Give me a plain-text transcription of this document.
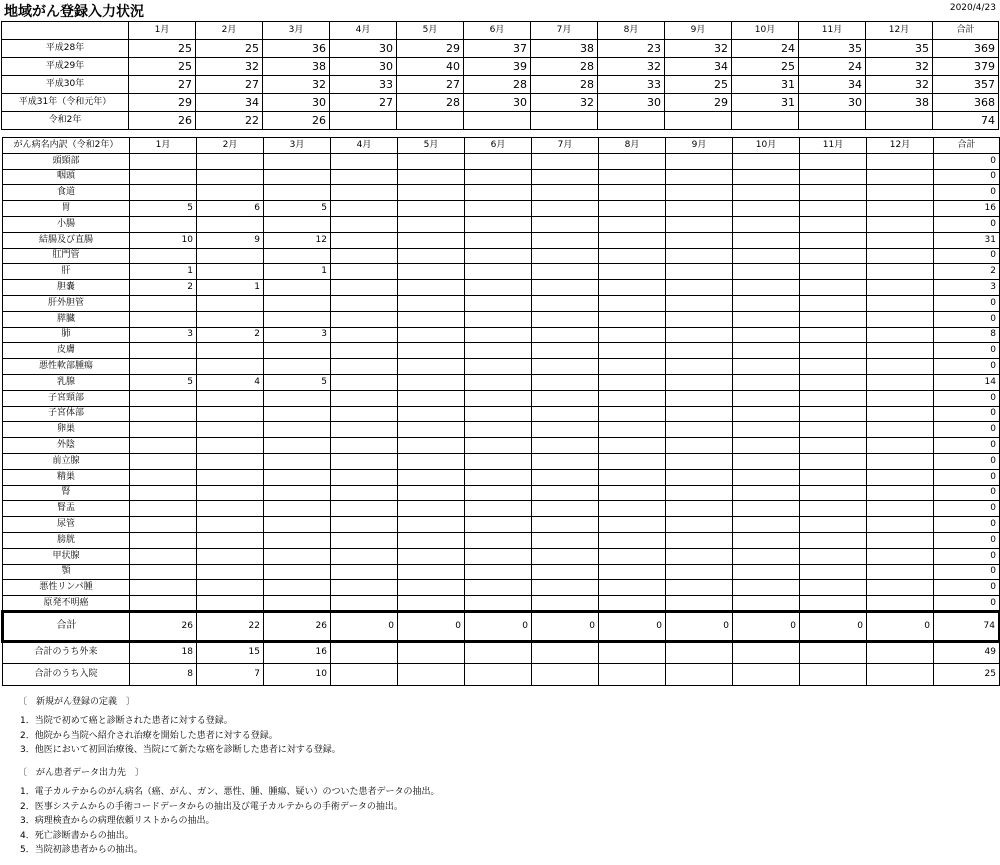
地域がん登録入力状況	2020/4/23
	1月	2月	3月	4月	5月	6月	7月	8月	9月	10月	11月	12月	合計
平成28年	25	25	36	30	29	37	38	23	32	24	35	35	369
平成29年	25	32	38	30	40	39	28	32	34	25	24	32	379
平成30年	27	27	32	33	27	28	28	33	25	31	34	32	357
平成31年（令和元年）	29	34	30	27	28	30	32	30	29	31	30	38	368
令和2年	26	22	26										74
がん病名内訳（令和2年）	1月	2月	3月	4月	5月	6月	7月	8月	9月	10月	11月	12月	合計
頭頸部													0
咽頭													0
食道													0
胃	5	6	5										16
小腸													0
結腸及び直腸	10	9	12										31
肛門管													0
肝	1		1										2
胆嚢	2	1											3
肝外胆管													0
膵臓													0
肺	3	2	3										8
皮膚													0
悪性軟部腫瘍													0
乳腺	5	4	5										14
子宮頸部													0
子宮体部													0
卵巣													0
外陰													0
前立腺													0
精巣													0
腎													0
腎盂													0
尿管													0
膀胱													0
甲状腺													0
顎													0
悪性リンパ腫													0
原発不明癌													0
合計	26	22	26	0	0	0	0	0	0	0	0	0	74
合計のうち外来	18	15	16										49
合計のうち入院	8	7	10										25
〔　新規がん登録の定義　〕
1．当院で初めて癌と診断された患者に対する登録。
2．他院から当院へ紹介され治療を開始した患者に対する登録。
3．他医において初回治療後、当院にて新たな癌を診断した患者に対する登録。
〔　がん患者データ出力先　〕
1．電子カルテからのがん病名（癌、がん、ガン、悪性、腫、腫瘍、疑い）のついた患者データの抽出。
2．医事システムからの手術コードデータからの抽出及び電子カルテからの手術データの抽出。
3．病理検査からの病理依頼リストからの抽出。
4．死亡診断書からの抽出。
5．当院初診患者からの抽出。
